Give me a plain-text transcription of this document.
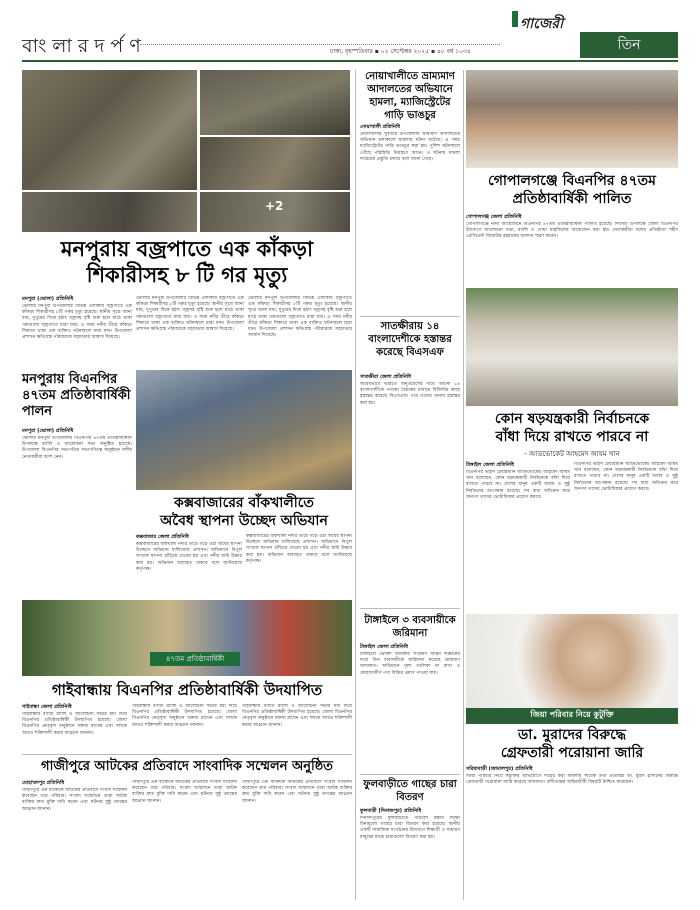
বাংলারদর্পণ	ঢাকা, বৃহস্পতিবার ▪ ০২ সেপ্টেম্বর ২০২৫ ▪ ৪৮ বর্ষ ১০৩৪
গাজেরী
তিন
+2
মনপুরায় বজ্রপাতে এক কাঁকড়া
শিকারীসহ ৮ টি গর মৃত্যু
মনপুরা (ভোলা) প্রতিনিধি
ভোলার মনপুরা উপজেলার বিভিন্ন এলাকায় বজ্রপাতে এক কাঁকড়া শিকারীসহ ৮টি গরুর মৃত্যু হয়েছে। স্থানীয় সূত্রে জানা যায়, দুপুরের দিকে হঠাৎ বজ্রসহ বৃষ্টি শুরু হলে মাঠে থাকা গরুগুলো বজ্রপাতে মারা যায়। এ সময় নদীর তীরে কাঁকড়া শিকারে থাকা এক ব্যক্তিও ঘটনাস্থলে মারা যান। উপজেলা প্রশাসন ক্ষতিগ্রস্ত পরিবারকে সহায়তার আশ্বাস দিয়েছে।
ভোলার মনপুরা উপজেলার বিভিন্ন এলাকায় বজ্রপাতে এক কাঁকড়া শিকারীসহ ৮টি গরুর মৃত্যু হয়েছে। স্থানীয় সূত্রে জানা যায়, দুপুরের দিকে হঠাৎ বজ্রসহ বৃষ্টি শুরু হলে মাঠে থাকা গরুগুলো বজ্রপাতে মারা যায়। এ সময় নদীর তীরে কাঁকড়া শিকারে থাকা এক ব্যক্তিও ঘটনাস্থলে মারা যান। উপজেলা প্রশাসন ক্ষতিগ্রস্ত পরিবারকে সহায়তার আশ্বাস দিয়েছে।
ভোলার মনপুরা উপজেলার বিভিন্ন এলাকায় বজ্রপাতে এক কাঁকড়া শিকারীসহ ৮টি গরুর মৃত্যু হয়েছে। স্থানীয় সূত্রে জানা যায়, দুপুরের দিকে হঠাৎ বজ্রসহ বৃষ্টি শুরু হলে মাঠে থাকা গরুগুলো বজ্রপাতে মারা যায়। এ সময় নদীর তীরে কাঁকড়া শিকারে থাকা এক ব্যক্তিও ঘটনাস্থলে মারা যান। উপজেলা প্রশাসন ক্ষতিগ্রস্ত পরিবারকে সহায়তার আশ্বাস দিয়েছে।
মনপুরায় বিএনপির ৪৭তম প্রতিষ্ঠাবার্ষিকী পালন
মনপুরা (ভোলা) প্রতিনিধি
ভোলার মনপুরা উপজেলায় বিএনপির ৪৭তম প্রতিষ্ঠাবার্ষিকী উপলক্ষে র‍্যালি ও আলোচনা সভা অনুষ্ঠিত হয়েছে। উপজেলা বিএনপির সভাপতির সভাপতিত্বে অনুষ্ঠানে দলীয় নেতাকর্মীরা অংশ নেন।
কক্সবাজারের বাঁকখালীতে
অবৈধ স্থাপনা উচ্ছেদ অভিযান
কক্সবাজার জেলা প্রতিনিধি
কক্সবাজারের বাঁকখালী নদীর তীরে গড়ে ওঠা অবৈধ স্থাপনা উচ্ছেদে অভিযান চালিয়েছে প্রশাসন। অভিযানে বিপুল সংখ্যক স্থাপনা গুঁড়িয়ে দেওয়া হয় এবং নদীর জমি উদ্ধার করা হয়। অভিযান অব্যাহত থাকবে বলে জানিয়েছে কর্তৃপক্ষ।
কক্সবাজারের বাঁকখালী নদীর তীরে গড়ে ওঠা অবৈধ স্থাপনা উচ্ছেদে অভিযান চালিয়েছে প্রশাসন। অভিযানে বিপুল সংখ্যক স্থাপনা গুঁড়িয়ে দেওয়া হয় এবং নদীর জমি উদ্ধার করা হয়। অভিযান অব্যাহত থাকবে বলে জানিয়েছে কর্তৃপক্ষ।
৪৭তম প্রতিষ্ঠাবার্ষিকী
গাইবান্ধায় বিএনপির প্রতিষ্ঠাবার্ষিকী উদযাপিত
গাইবান্ধা জেলা প্রতিনিধি
গাইবান্ধায় বর্ণাঢ্য র‍্যালি ও আলোচনা সভার মধ্য দিয়ে বিএনপির প্রতিষ্ঠাবার্ষিকী উদযাপিত হয়েছে। জেলা বিএনপির নেতৃবৃন্দ অনুষ্ঠানে বক্তব্য রাখেন এবং দলকে আরও শক্তিশালী করার আহ্বান জানান।
গাইবান্ধায় বর্ণাঢ্য র‍্যালি ও আলোচনা সভার মধ্য দিয়ে বিএনপির প্রতিষ্ঠাবার্ষিকী উদযাপিত হয়েছে। জেলা বিএনপির নেতৃবৃন্দ অনুষ্ঠানে বক্তব্য রাখেন এবং দলকে আরও শক্তিশালী করার আহ্বান জানান।
গাইবান্ধায় বর্ণাঢ্য র‍্যালি ও আলোচনা সভার মধ্য দিয়ে বিএনপির প্রতিষ্ঠাবার্ষিকী উদযাপিত হয়েছে। জেলা বিএনপির নেতৃবৃন্দ অনুষ্ঠানে বক্তব্য রাখেন এবং দলকে আরও শক্তিশালী করার আহ্বান জানান।
গাজীপুরে আটকের প্রতিবাদে সাংবাদিক সম্মেলন অনুষ্ঠিত
মোহাম্মদপুর প্রতিনিধি
গাজীপুরে এক ব্যক্তিকে আটকের প্রতিবাদে সংবাদ সম্মেলন করেছেন তার পরিবার। সংবাদ সম্মেলনে তারা আটক ব্যক্তির দ্রুত মুক্তি দাবি করেন এবং ঘটনার সুষ্ঠু তদন্তের আহ্বান জানান।
গাজীপুরে এক ব্যক্তিকে আটকের প্রতিবাদে সংবাদ সম্মেলন করেছেন তার পরিবার। সংবাদ সম্মেলনে তারা আটক ব্যক্তির দ্রুত মুক্তি দাবি করেন এবং ঘটনার সুষ্ঠু তদন্তের আহ্বান জানান।
গাজীপুরে এক ব্যক্তিকে আটকের প্রতিবাদে সংবাদ সম্মেলন করেছেন তার পরিবার। সংবাদ সম্মেলনে তারা আটক ব্যক্তির দ্রুত মুক্তি দাবি করেন এবং ঘটনার সুষ্ঠু তদন্তের আহ্বান জানান।
নোয়াখালীতে ভ্রাম্যমাণ আদালতের অভিযানে হামলা, ম্যাজিস্ট্রেটের গাড়ি ভাঙচুর
নোয়াখালী প্রতিনিধি
নোয়াখালীর সুবর্ণচর উপজেলায় ভ্রাম্যমাণ আদালতের অভিযান চলাকালে হামলার ঘটনা ঘটেছে। এ সময় ম্যাজিস্ট্রেটের গাড়ি ভাঙচুর করা হয়। পুলিশ ঘটনাস্থলে পৌঁছে পরিস্থিতি নিয়ন্ত্রণে আনে। এ ঘটনায় মামলা দায়েরের প্রস্তুতি চলছে বলে জানা গেছে।
সাতক্ষীরায় ১৪ বাংলাদেশীকে হস্তান্তর করেছে বিএসএফ
সাতক্ষীরা জেলা প্রতিনিধি
অবৈধভাবে ভারতে অনুপ্রবেশের দায়ে আটক ১৪ বাংলাদেশীকে পতাকা বৈঠকের মাধ্যমে বিজিবির কাছে হস্তান্তর করেছে বিএসএফ। পরে তাদের থানায় হস্তান্তর করা হয়।
টাঙ্গাইলে ৩ ব্যবসায়ীকে জরিমানা
টাঙ্গাইল জেলা প্রতিনিধি
টাঙ্গাইলে ভোক্তা অধিকার সংরক্ষণ আইন লঙ্ঘনের দায়ে তিন ব্যবসায়ীকে জরিমানা করেছে ভ্রাম্যমাণ আদালত। অভিযানে মূল্য তালিকা না রাখা ও মেয়াদোত্তীর্ণ পণ্য বিক্রির প্রমাণ পাওয়া যায়।
ফুলবাড়ীতে গাছের চারা বিতরণ
ফুলবাড়ী (দিনাজপুর) প্রতিনিধি
দিনাজপুরের ফুলবাড়ীতে পরিবেশ রক্ষার লক্ষ্যে বিনামূল্যে গাছের চারা বিতরণ করা হয়েছে। স্থানীয় একটি সামাজিক সংগঠনের উদ্যোগে শিক্ষার্থী ও সাধারণ মানুষের মাঝে চারাগুলো বিতরণ করা হয়।
গোপালগঞ্জে বিএনপির ৪৭তম প্রতিষ্ঠাবার্ষিকী পালিত
গোপালগঞ্জ জেলা প্রতিনিধি
গোপালগঞ্জে নানা আয়োজনে বিএনপির ৪৭তম প্রতিষ্ঠাবার্ষিকী পালিত হয়েছে। দিবসটি উপলক্ষে জেলা বিএনপির উদ্যোগে আলোচনা সভা, র‍্যালি ও দোয়া মাহফিলের আয়োজন করা হয়। নেতাকর্মীরা দলের প্রতিষ্ঠাতা শহীদ প্রেসিডেন্ট জিয়াউর রহমানের অবদান স্মরণ করেন।
কোন ষড়যন্ত্রকারী নির্বাচনকে
বাঁধা দিয়ে রাখতে পারবে না
- আডভোকেট আহমেদ আযম খান
টাঙ্গাইল জেলা প্রতিনিধি
বিএনপির ভাইস চেয়ারম্যান অ্যাডভোকেট আহমেদ আযম খান বলেছেন, কোন ষড়যন্ত্রকারী নির্বাচনকে বাঁধা দিয়ে রাখতে পারবে না। দেশের মানুষ একটি অবাধ ও সুষ্ঠু নির্বাচনের অপেক্ষায় রয়েছে। সব বাধা অতিক্রম করে জনগণ তাদের ভোটাধিকার প্রয়োগ করবে।
বিএনপির ভাইস চেয়ারম্যান অ্যাডভোকেট আহমেদ আযম খান বলেছেন, কোন ষড়যন্ত্রকারী নির্বাচনকে বাঁধা দিয়ে রাখতে পারবে না। দেশের মানুষ একটি অবাধ ও সুষ্ঠু নির্বাচনের অপেক্ষায় রয়েছে। সব বাধা অতিক্রম করে জনগণ তাদের ভোটাধিকার প্রয়োগ করবে।
জিয়া পরিবার নিয়ে কুটুক্তি
ডা. মুরাদের বিরুদ্ধে
গ্রেফতারী পরোয়ানা জারি
সরিষাবাড়ী (জামালপুর) প্রতিনিধি
জিয়া পরিবার নিয়ে কটূক্তির অভিযোগে দায়ের করা মামলায় সাবেক তথ্য প্রতিমন্ত্রী ডা. মুরাদ হাসানের বিরুদ্ধে গ্রেফতারী পরোয়ানা জারি করেছে আদালত। বাদীপক্ষের আইনজীবী বিষয়টি নিশ্চিত করেছেন।
